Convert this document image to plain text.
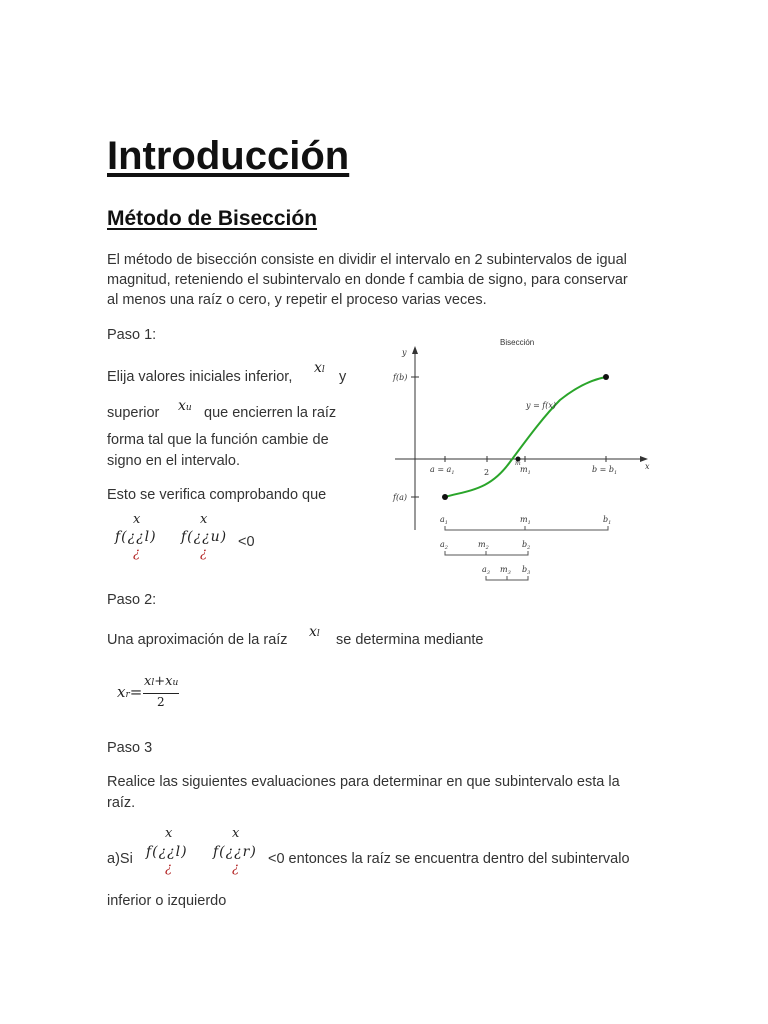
Introducción
Método de Bisección
El método de bisección consiste en dividir el intervalo en 2 subintervalos de igual
magnitud, reteniendo el subintervalo en donde f cambia de signo, para conservar
al menos una raíz o cero, y repetir el proceso varias veces.
Paso 1:
Elija valores iniciales inferior,
xl y
superior xu que encierren la raíz
forma tal que la función cambie de
signo en el intervalo.
Esto se verifica comprobando que
x
f(¿¿l)
¿
x
f(¿¿u)
¿
<0
Paso 2:
Una aproximación de la raíz xl se determina mediante
xr=
xl+xu
2
Paso 3
Realice las siguientes evaluaciones para determinar en que subintervalo esta la
raíz.
a)Si
x
f(¿¿l)
¿
x
f(¿¿r)
¿
<0 entonces la raíz se encuentra dentro del subintervalo
inferior o izquierdo
Bisección
y
x
f(b)
f(a)
y = f(x)
$a = a_1$	2	$m_1$
m
$b = b_1$
$a_1$	$m_1$	$b_1$
$a_2$	$m_2$	$b_2$
$a_3$ $m_3$ $b_3$
